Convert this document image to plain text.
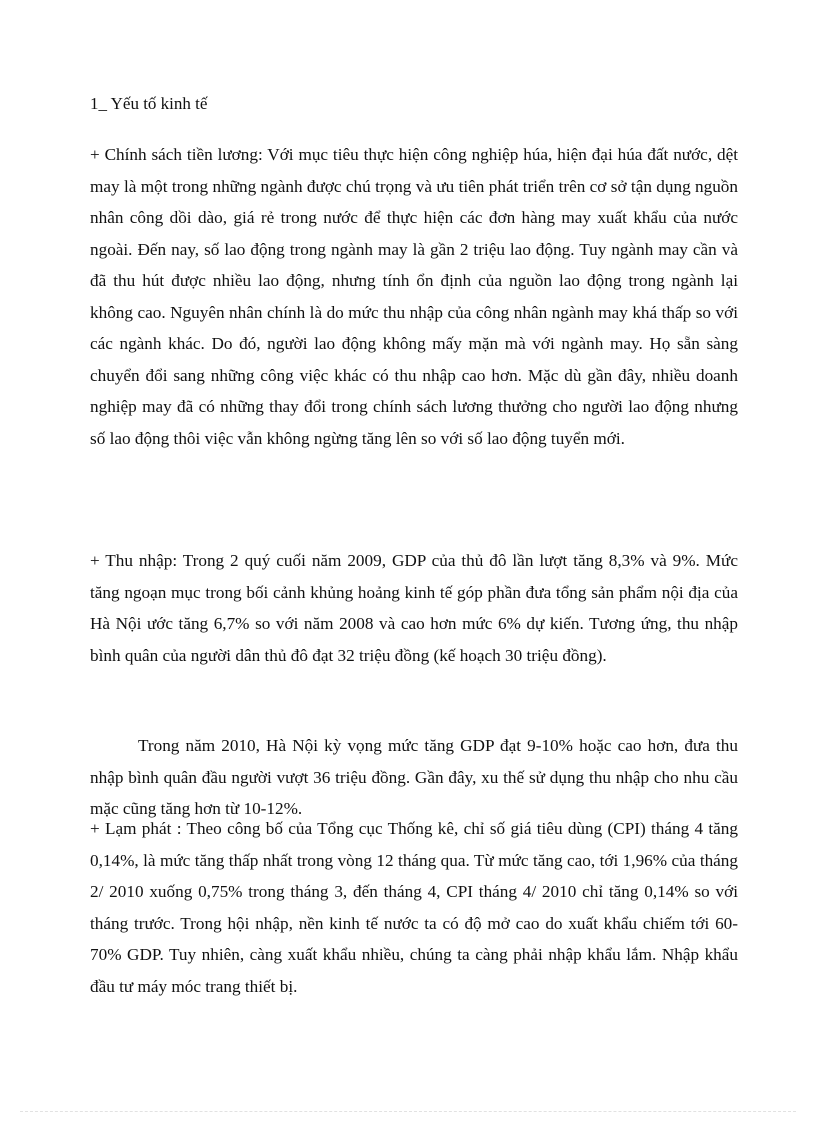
1_ Yếu tố kinh tế

+ Chính sách tiền lương: Với mục tiêu thực hiện công nghiệp húa, hiện đại húa đất nước, dệt may là một trong những ngành được chú trọng và ưu tiên phát triển trên cơ sở tận dụng nguồn nhân công dồi dào, giá rẻ trong nước để thực hiện các đơn hàng may xuất khẩu của nước ngoài. Đến nay, số lao động trong ngành may là gần 2 triệu lao động. Tuy ngành may cần và đã thu hút được nhiều lao động, nhưng tính ổn định của nguồn lao động trong ngành lại không cao. Nguyên nhân chính là do mức thu nhập của công nhân ngành may khá thấp so với các ngành khác. Do đó, người lao động không mấy mặn mà với ngành may. Họ sẵn sàng chuyển đổi sang những công việc khác có thu nhập cao hơn. Mặc dù gần đây, nhiều doanh nghiệp may đã có những thay đổi trong chính sách lương thưởng cho người lao động nhưng số lao động thôi việc vẫn không ngừng tăng lên so với số lao động tuyển mới.

+ Thu nhập: Trong 2 quý cuối năm 2009, GDP của thủ đô lần lượt tăng 8,3% và 9%. Mức tăng ngoạn mục trong bối cảnh khủng hoảng kinh tế góp phần đưa tổng sản phẩm nội địa của Hà Nội ước tăng 6,7% so với năm 2008 và cao hơn mức 6% dự kiến. Tương ứng, thu nhập bình quân của người dân thủ đô đạt 32 triệu đồng (kế hoạch 30 triệu đồng).

Trong năm 2010, Hà Nội kỳ vọng mức tăng GDP đạt 9-10% hoặc cao hơn, đưa thu nhập bình quân đầu người vượt 36 triệu đồng. Gần đây, xu thế sử dụng thu nhập cho nhu cầu mặc cũng tăng hơn từ 10-12%.

+ Lạm phát : Theo công bố của Tổng cục Thống kê, chỉ số giá tiêu dùng (CPI) tháng 4 tăng 0,14%, là mức tăng thấp nhất trong vòng 12 tháng qua. Từ mức tăng cao, tới 1,96% của tháng 2/ 2010 xuống 0,75% trong tháng 3, đến tháng 4, CPI tháng 4/ 2010 chỉ tăng 0,14% so với tháng trước. Trong hội nhập, nền kinh tế nước ta có độ mở cao do xuất khẩu chiếm tới 60-70% GDP. Tuy nhiên, càng xuất khẩu nhiều, chúng ta càng phải nhập khẩu lắm. Nhập khẩu đầu tư máy móc trang thiết bị.
